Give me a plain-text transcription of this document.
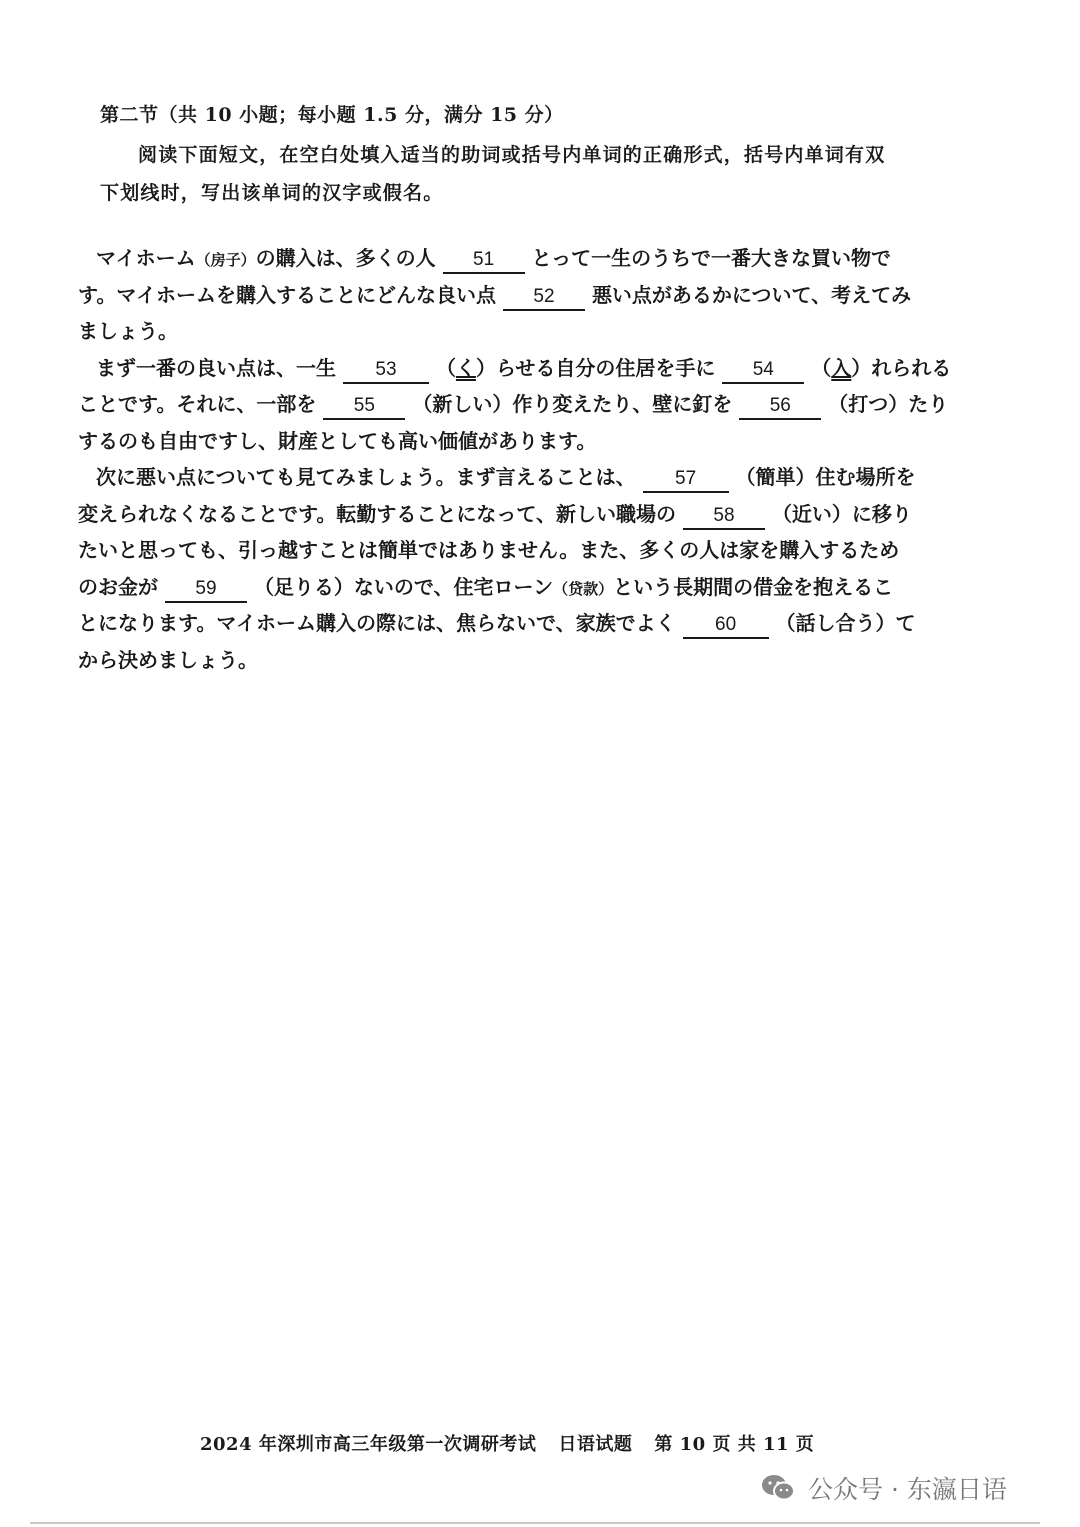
第二节（共 10 小题；每小题 1.5 分，满分 15 分）
阅读下面短文，在空白处填入适当的助词或括号内单词的正确形式，括号内单词有双
下划线时，写出该单词的汉字或假名。
マイホーム（房子）の購入は、多くの人 51 とって一生のうちで一番大きな買い物で
す。マイホームを購入することにどんな良い点 52 悪い点があるかについて、考えてみ
ましょう。
まず一番の良い点は、一生 53 （く）らせる自分の住居を手に 54 （入）れられる
ことです。それに、一部を 55 （新しい）作り変えたり、壁に釘を 56 （打つ）たり
するのも自由ですし、財産としても高い価値があります。
次に悪い点についても見てみましょう。まず言えることは、 57 （簡単）住む場所を
変えられなくなることです。転勤することになって、新しい職場の 58 （近い）に移り
たいと思っても、引っ越すことは簡単ではありません。また、多くの人は家を購入するため
のお金が 59 （足りる）ないので、住宅ローン（贷款）という長期間の借金を抱えるこ
とになります。マイホーム購入の際には、焦らないで、家族でよく 60 （話し合う）て
から決めましょう。
2024 年深圳市高三年级第一次调研考试 日语试题 第 10 页 共 11 页
公众号 · 东瀛日语
